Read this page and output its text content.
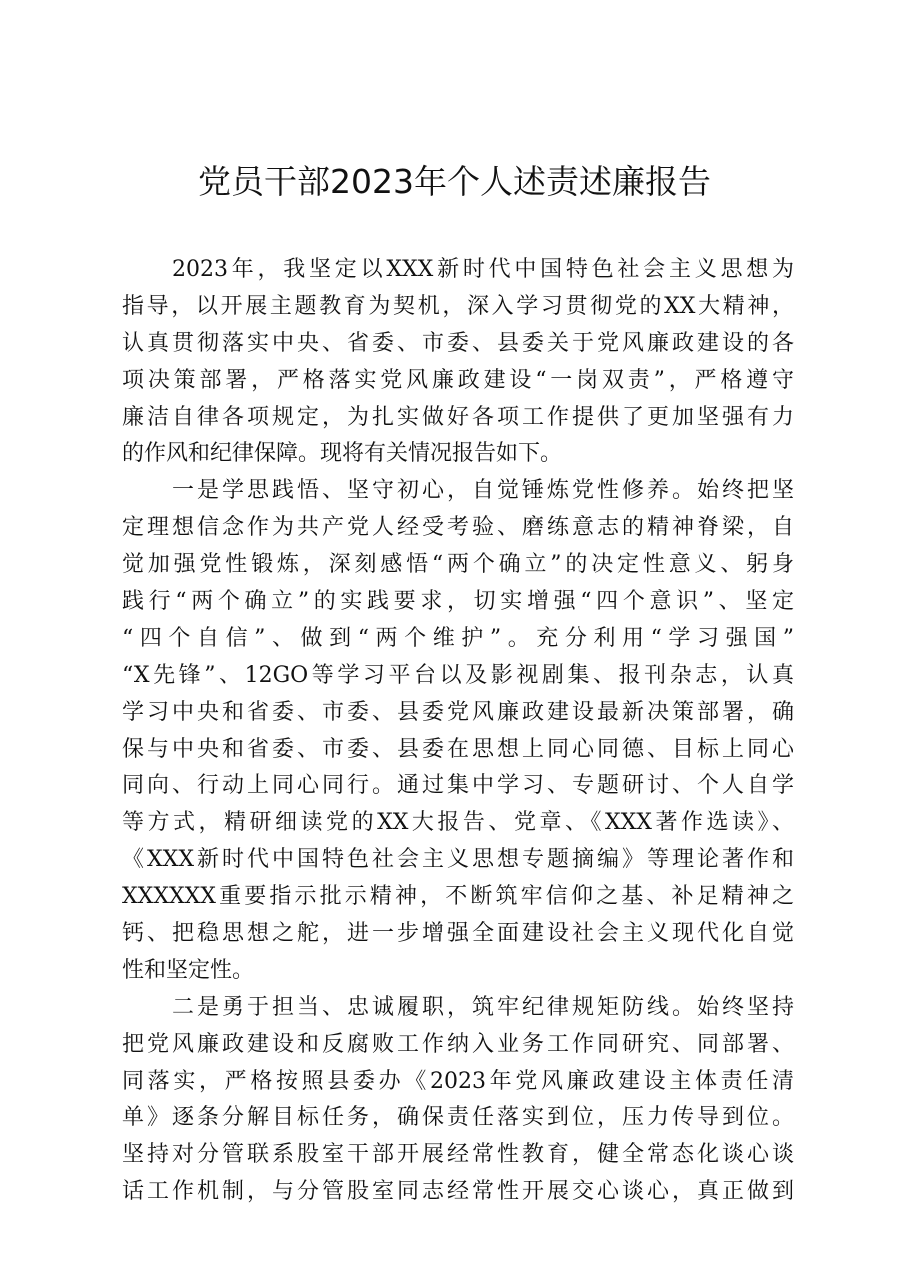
党员干部2023年个人述责述廉报告
2023年，我坚定以XXX新时代中国特色社会主义思想为
指导，以开展主题教育为契机，深入学习贯彻党的XX大精神，
认真贯彻落实中央、省委、市委、县委关于党风廉政建设的各
项决策部署，严格落实党风廉政建设“一岗双责”，严格遵守
廉洁自律各项规定，为扎实做好各项工作提供了更加坚强有力
的作风和纪律保障。现将有关情况报告如下。
一是学思践悟、坚守初心，自觉锤炼党性修养。始终把坚
定理想信念作为共产党人经受考验、磨练意志的精神脊梁，自
觉加强党性锻炼，深刻感悟“两个确立”的决定性意义、躬身
践行“两个确立”的实践要求，切实增强“四个意识”、坚定
“四个自信”、做到“两个维护”。充分利用“学习强国”
“X先锋”、12GO等学习平台以及影视剧集、报刊杂志，认真
学习中央和省委、市委、县委党风廉政建设最新决策部署，确
保与中央和省委、市委、县委在思想上同心同德、目标上同心
同向、行动上同心同行。通过集中学习、专题研讨、个人自学
等方式，精研细读党的XX大报告、党章、《XXX著作选读》、
《XXX新时代中国特色社会主义思想专题摘编》等理论著作和
XXXXXX重要指示批示精神，不断筑牢信仰之基、补足精神之
钙、把稳思想之舵，进一步增强全面建设社会主义现代化自觉
性和坚定性。
二是勇于担当、忠诚履职，筑牢纪律规矩防线。始终坚持
把党风廉政建设和反腐败工作纳入业务工作同研究、同部署、
同落实，严格按照县委办《2023年党风廉政建设主体责任清
单》逐条分解目标任务，确保责任落实到位，压力传导到位。
坚持对分管联系股室干部开展经常性教育，健全常态化谈心谈
话工作机制，与分管股室同志经常性开展交心谈心，真正做到
